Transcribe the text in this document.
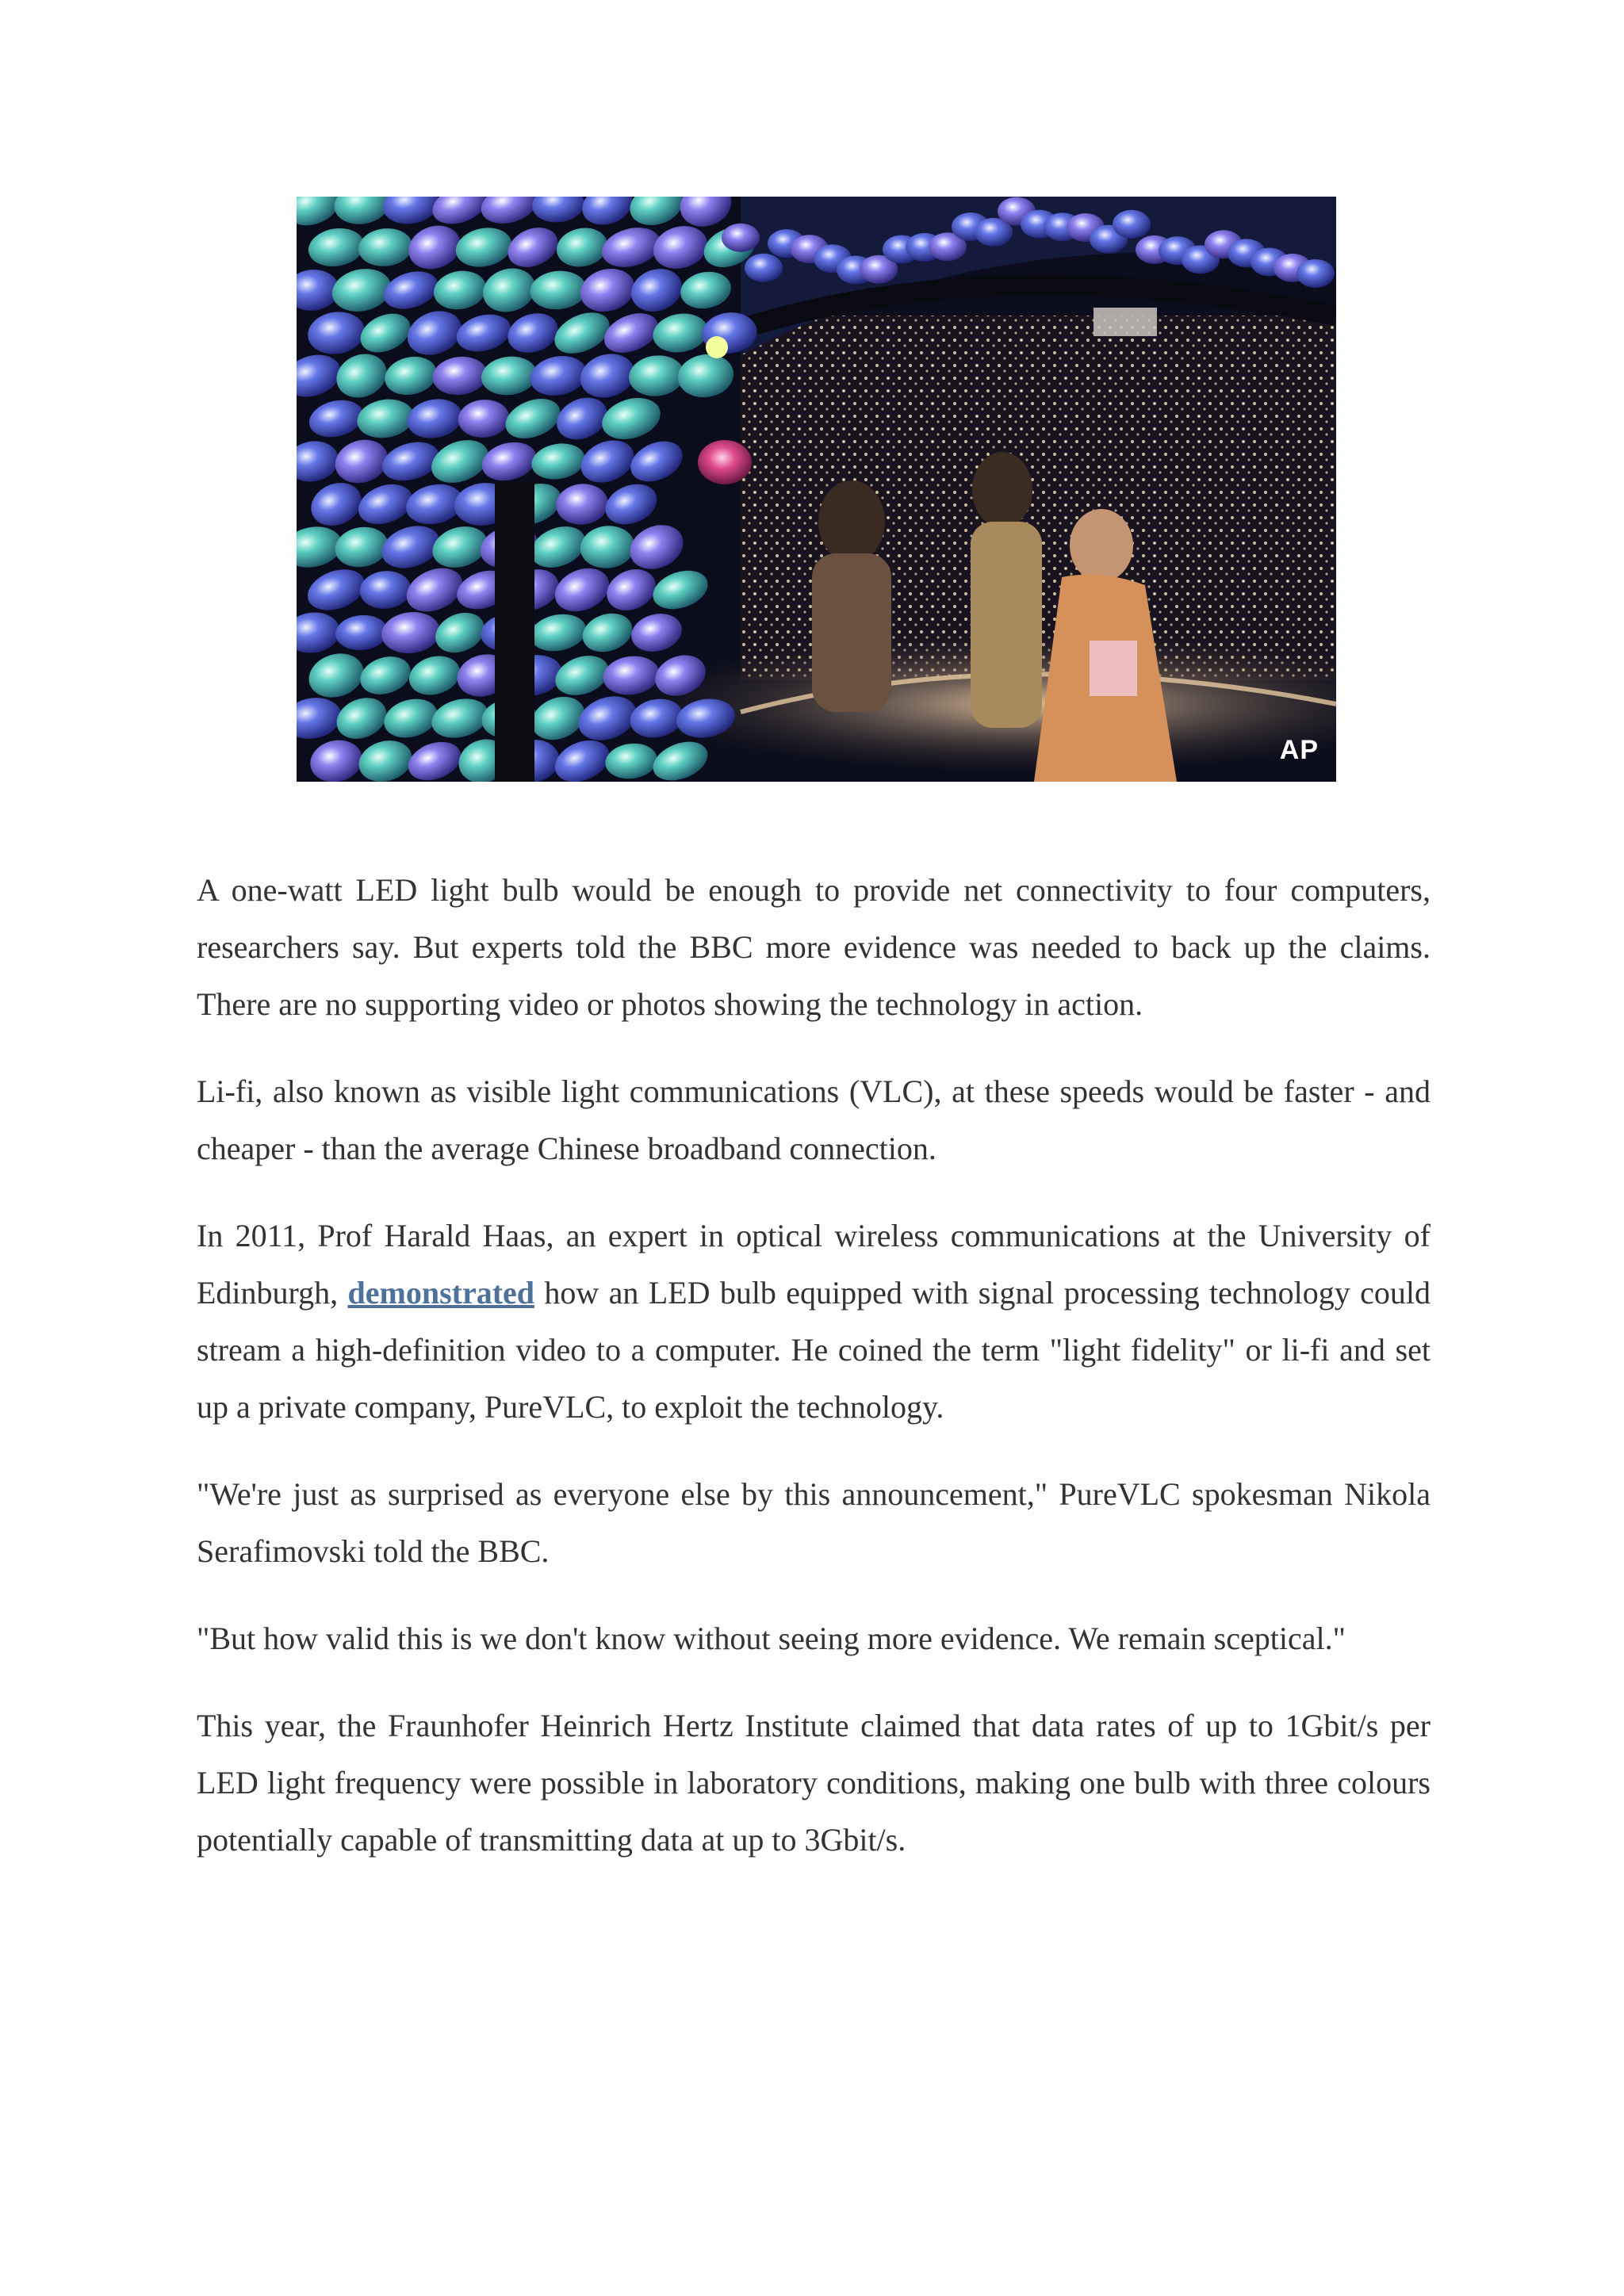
AP

A one-watt LED light bulb would be enough to provide net connectivity to four computers, researchers say. But experts told the BBC more evidence was needed to back up the claims. There are no supporting video or photos showing the technology in action.

Li-fi, also known as visible light communications (VLC), at these speeds would be faster - and cheaper - than the average Chinese broadband connection.

In 2011, Prof Harald Haas, an expert in optical wireless communications at the University of Edinburgh, demonstrated how an LED bulb equipped with signal processing technology could stream a high-definition video to a computer. He coined the term "light fidelity" or li-fi and set up a private company, PureVLC, to exploit the technology.

"We're just as surprised as everyone else by this announcement," PureVLC spokesman Nikola Serafimovski told the BBC.

"But how valid this is we don't know without seeing more evidence. We remain sceptical."

This year, the Fraunhofer Heinrich Hertz Institute claimed that data rates of up to 1Gbit/s per LED light frequency were possible in laboratory conditions, making one bulb with three colours potentially capable of transmitting data at up to 3Gbit/s.
